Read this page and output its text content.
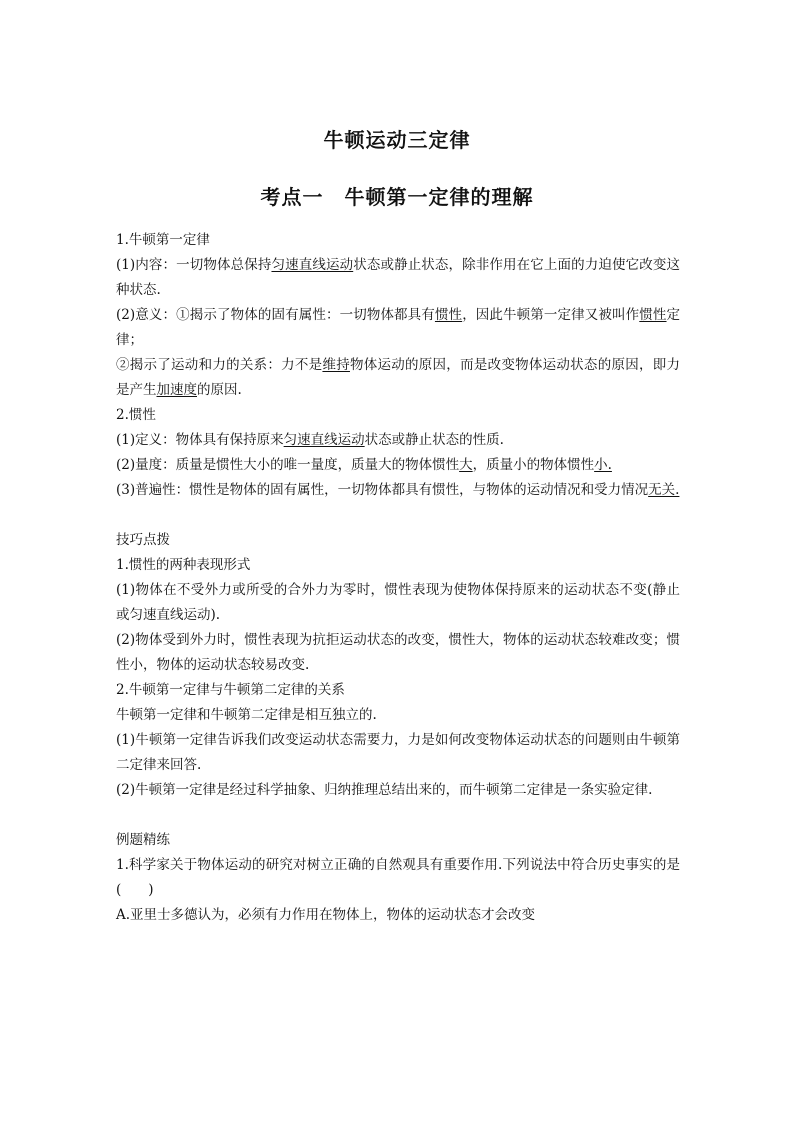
牛顿运动三定律
考点一　牛顿第一定律的理解

1.牛顿第一定律

(1)内容：一切物体总保持匀速直线运动状态或静止状态，除非作用在它上面的力迫使它改变这种状态.

(2)意义：①揭示了物体的固有属性：一切物体都具有惯性，因此牛顿第一定律又被叫作惯性定律；

②揭示了运动和力的关系：力不是维持物体运动的原因，而是改变物体运动状态的原因，即力是产生加速度的原因.

2.惯性

(1)定义：物体具有保持原来匀速直线运动状态或静止状态的性质.

(2)量度：质量是惯性大小的唯一量度，质量大的物体惯性大，质量小的物体惯性小.

(3)普遍性：惯性是物体的固有属性，一切物体都具有惯性，与物体的运动情况和受力情况无关.

技巧点拨

1.惯性的两种表现形式

(1)物体在不受外力或所受的合外力为零时，惯性表现为使物体保持原来的运动状态不变(静止或匀速直线运动).

(2)物体受到外力时，惯性表现为抗拒运动状态的改变，惯性大，物体的运动状态较难改变；惯性小，物体的运动状态较易改变.

2.牛顿第一定律与牛顿第二定律的关系

牛顿第一定律和牛顿第二定律是相互独立的.

(1)牛顿第一定律告诉我们改变运动状态需要力，力是如何改变物体运动状态的问题则由牛顿第二定律来回答.

(2)牛顿第一定律是经过科学抽象、归纳推理总结出来的，而牛顿第二定律是一条实验定律.

例题精练

1.科学家关于物体运动的研究对树立正确的自然观具有重要作用.下列说法中符合历史事实的是(　　)

A.亚里士多德认为，必须有力作用在物体上，物体的运动状态才会改变
